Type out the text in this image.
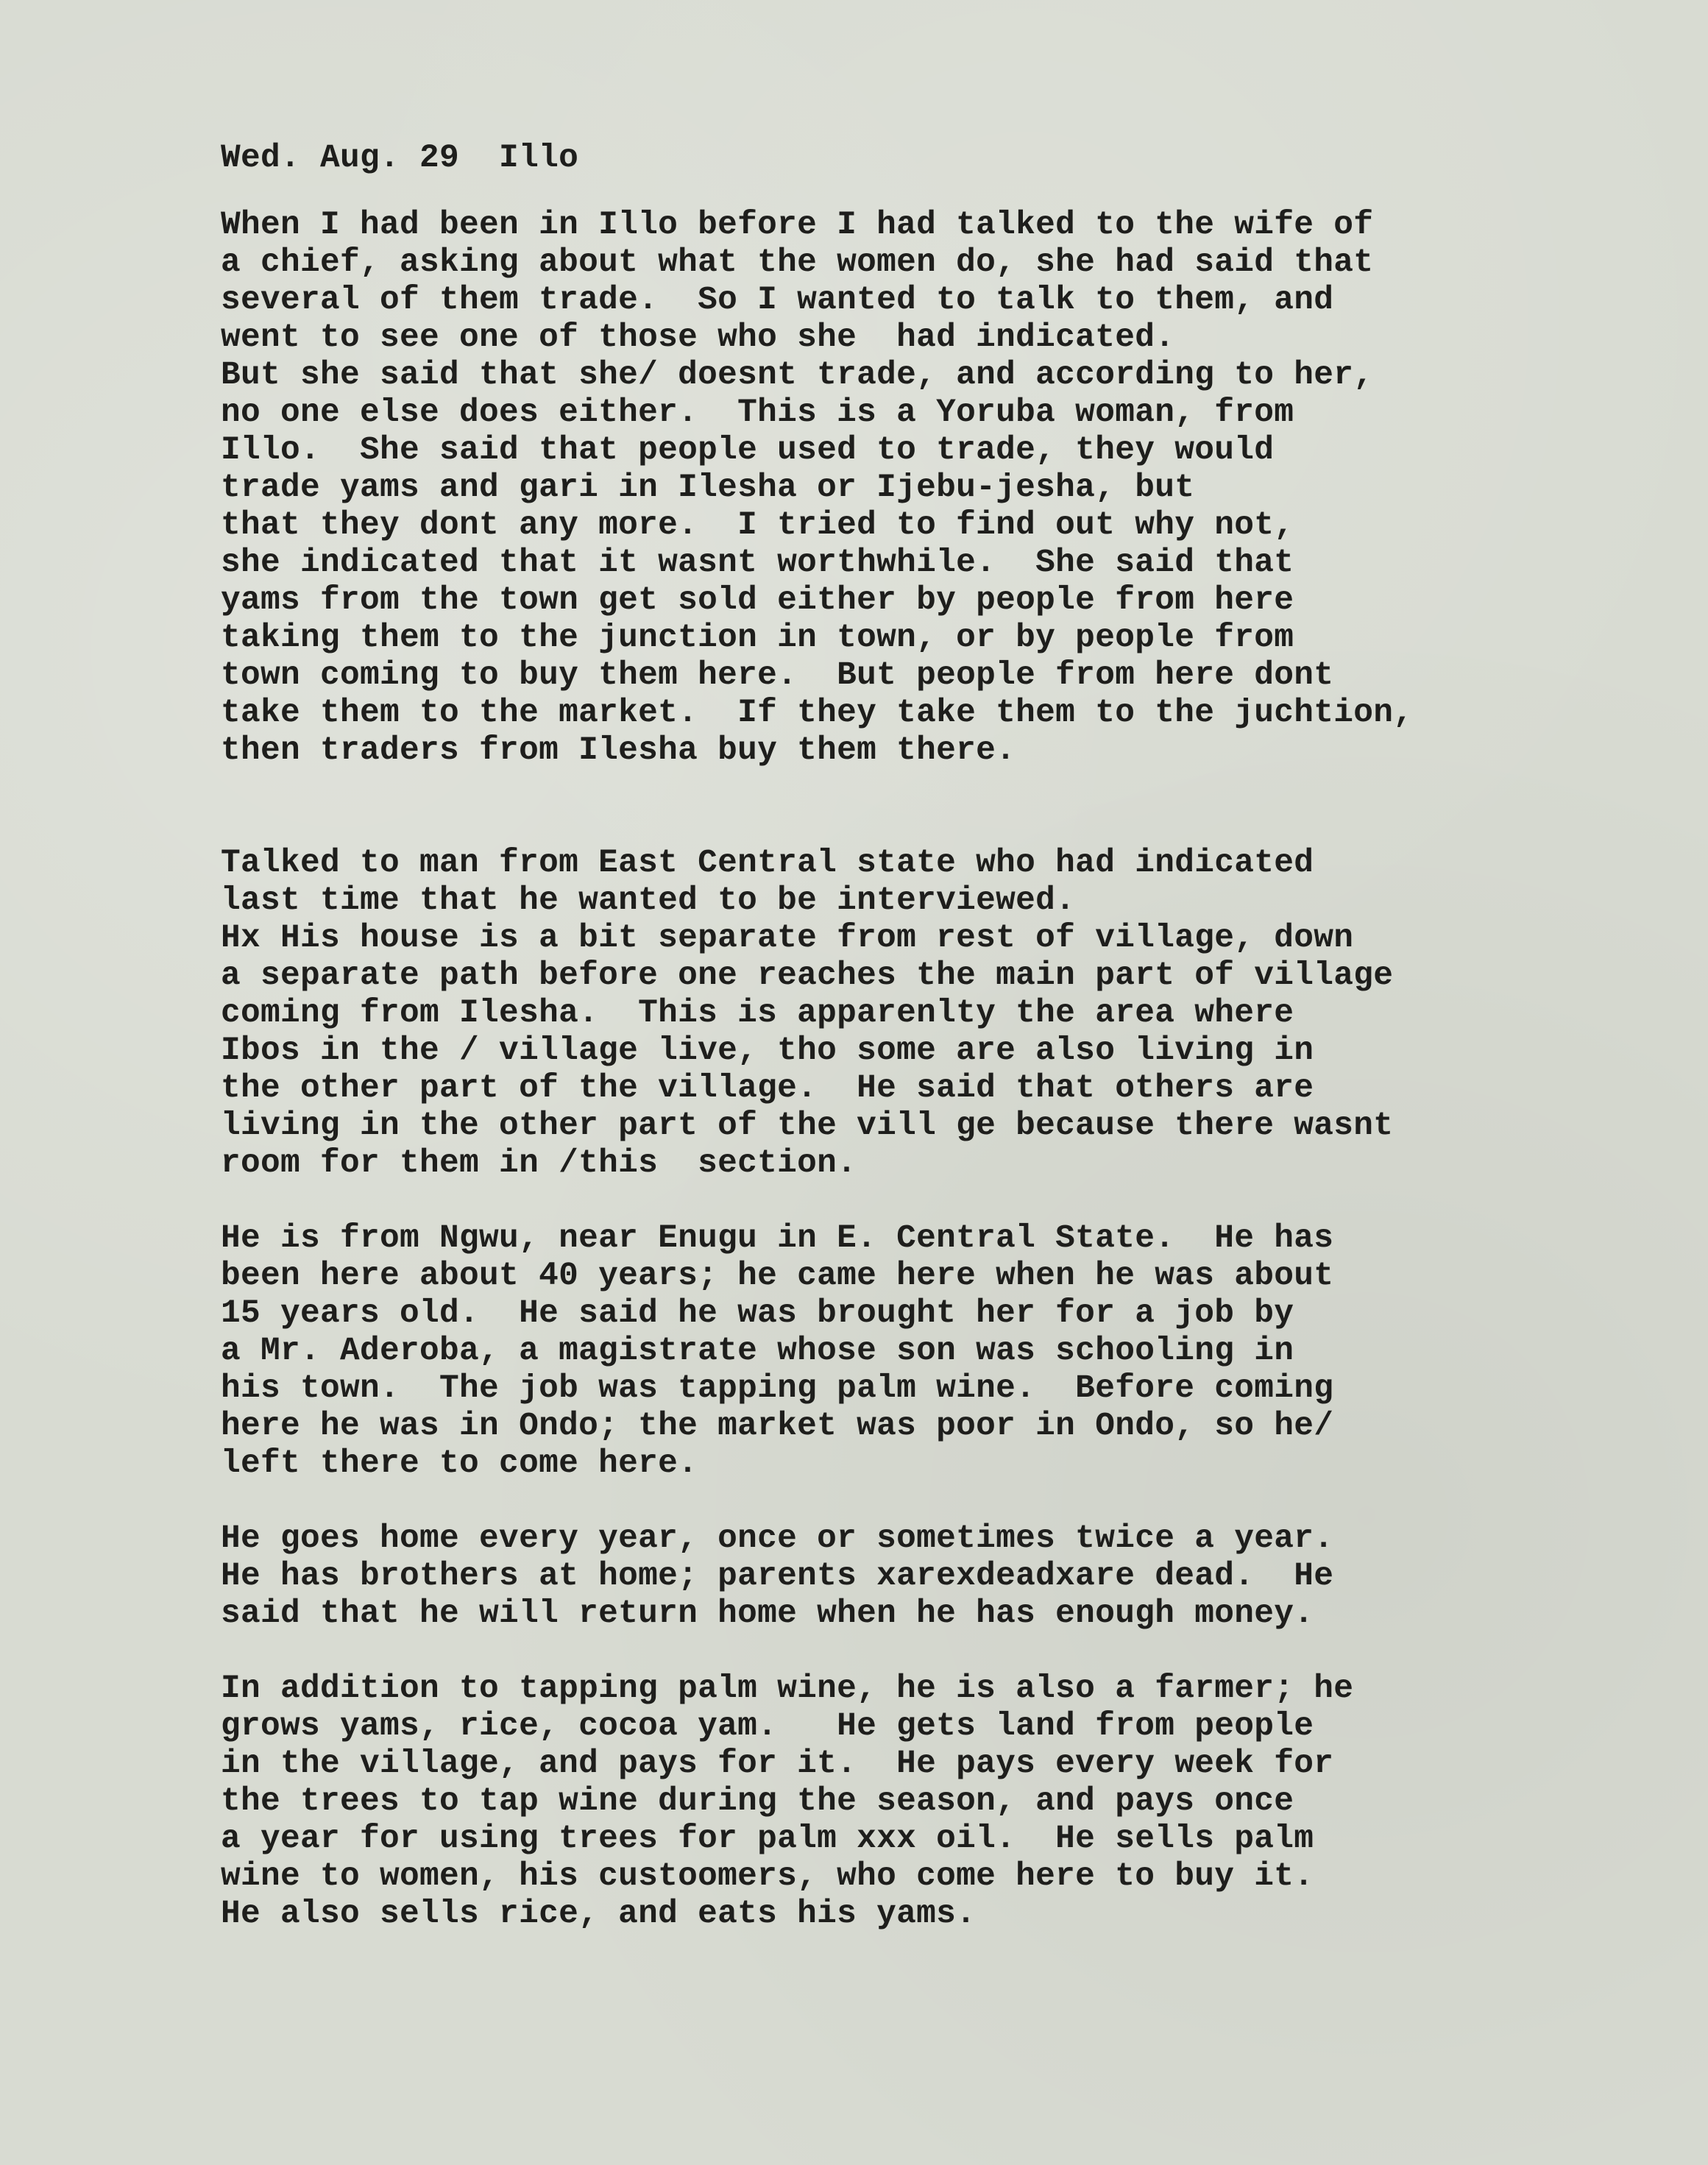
Wed. Aug. 29  Illo
When I had been in Illo before I had talked to the wife of
a chief, asking about what the women do, she had said that
several of them trade.  So I wanted to talk to them, and
went to see one of those who she  had indicated.
But she said that she/ doesnt trade, and according to her,
no one else does either.  This is a Yoruba woman, from
Illo.  She said that people used to trade, they would
trade yams and gari in Ilesha or Ijebu-jesha, but
that they dont any more.  I tried to find out why not,
she indicated that it wasnt worthwhile.  She said that
yams from the town get sold either by people from here
taking them to the junction in town, or by people from
town coming to buy them here.  But people from here dont
take them to the market.  If they take them to the juchtion,
then traders from Ilesha buy them there.
Talked to man from East Central state who had indicated
last time that he wanted to be interviewed.
Hx His house is a bit separate from rest of village, down
a separate path before one reaches the main part of village
coming from Ilesha.  This is apparenlty the area where
Ibos in the / village live, tho some are also living in
the other part of the village.  He said that others are
living in the other part of the vill ge because there wasnt
room for them in /this  section.
He is from Ngwu, near Enugu in E. Central State.  He has
been here about 40 years; he came here when he was about
15 years old.  He said he was brought her for a job by
a Mr. Aderoba, a magistrate whose son was schooling in
his town.  The job was tapping palm wine.  Before coming
here he was in Ondo; the market was poor in Ondo, so he/
left there to come here.
He goes home every year, once or sometimes twice a year.
He has brothers at home; parents xarexdeadxare dead.  He
said that he will return home when he has enough money.
In addition to tapping palm wine, he is also a farmer; he
grows yams, rice, cocoa yam.   He gets land from people
in the village, and pays for it.  He pays every week for
the trees to tap wine during the season, and pays once
a year for using trees for palm xxx oil.  He sells palm
wine to women, his custoomers, who come here to buy it.
He also sells rice, and eats his yams.
